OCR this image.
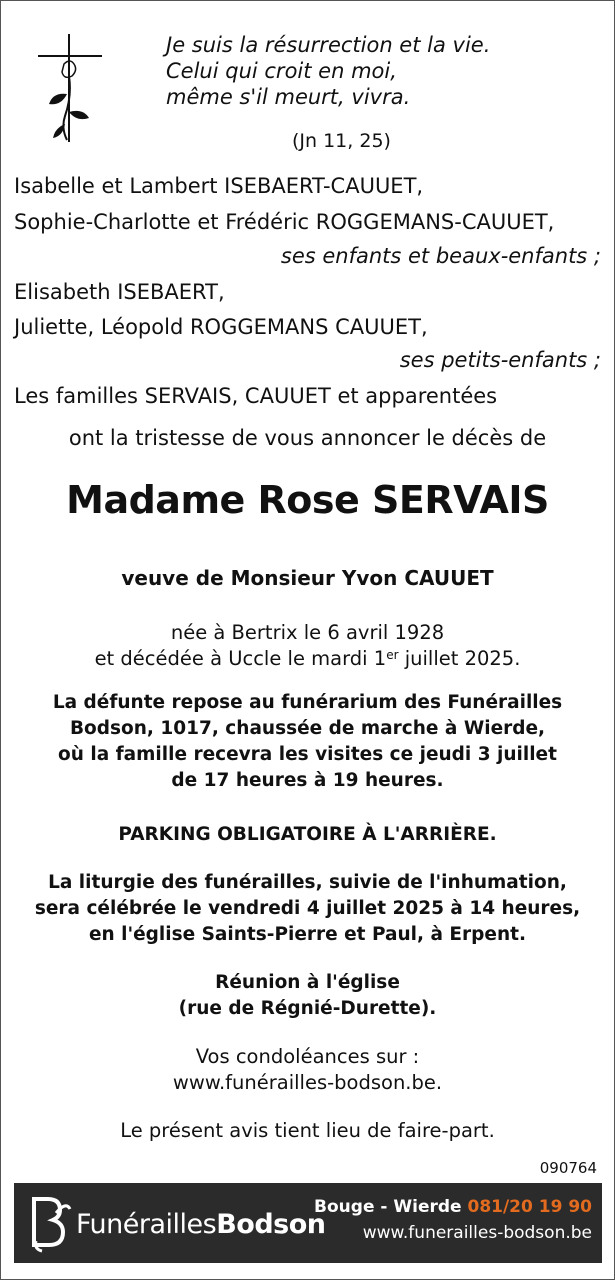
Je suis la résurrection et la vie.
Celui qui croit en moi,
même s'il meurt, vivra.
(Jn 11, 25)
Isabelle et Lambert ISEBAERT-CAUUET,
Sophie-Charlotte et Frédéric ROGGEMANS-CAUUET,
ses enfants et beaux-enfants ;
Elisabeth ISEBAERT,
Juliette, Léopold ROGGEMANS CAUUET,
ses petits-enfants ;
Les familles SERVAIS, CAUUET et apparentées
ont la tristesse de vous annoncer le décès de
Madame Rose SERVAIS
veuve de Monsieur Yvon CAUUET
née à Bertrix le 6 avril 1928
et décédée à Uccle le mardi 1er juillet 2025.
La défunte repose au funérarium des Funérailles
Bodson, 1017, chaussée de marche à Wierde,
où la famille recevra les visites ce jeudi 3 juillet
de 17 heures à 19 heures.
PARKING OBLIGATOIRE À L'ARRIÈRE.
La liturgie des funérailles, suivie de l'inhumation,
sera célébrée le vendredi 4 juillet 2025 à 14 heures,
en l'église Saints-Pierre et Paul, à Erpent.
Réunion à l'église
(rue de Régnié-Durette).
Vos condoléances sur :
www.funérailles-bodson.be.
Le présent avis tient lieu de faire-part.
090764
FunéraillesBodson
Bouge - Wierde 081/20 19 90
www.funerailles-bodson.be
